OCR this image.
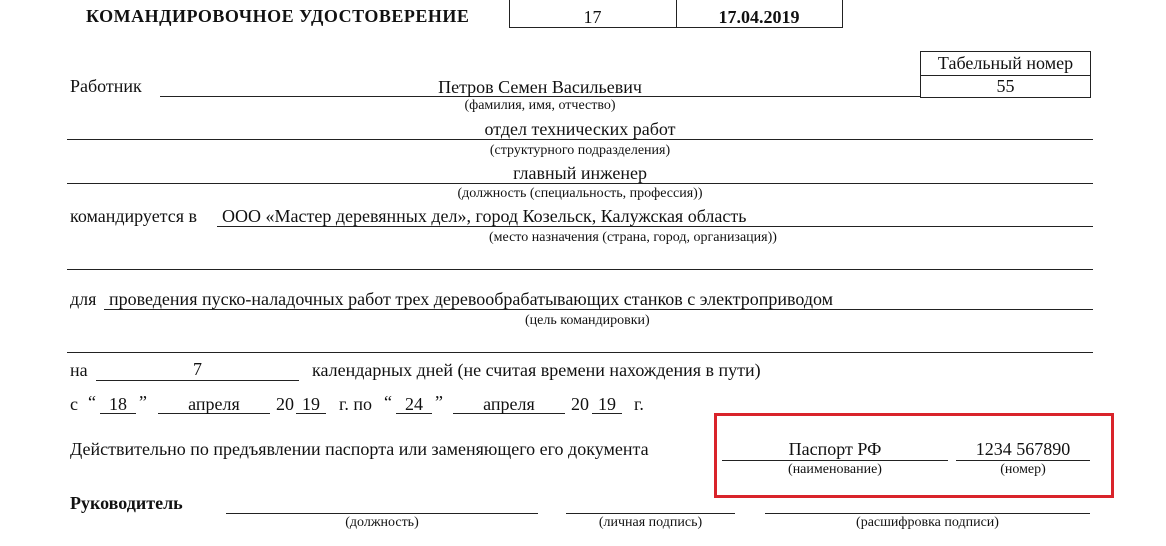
КОМАНДИРОВОЧНОЕ УДОСТОВЕРЕНИЕ	17	17.04.2019
Табельный номер
55
Работник	Петров Семен Васильевич
(фамилия, имя, отчество)
отдел технических работ
(структурного подразделения)
главный инженер
(должность (специальность, профессия))
командируется в ООО «Мастер деревянных дел», город Козельск, Калужская область
(место назначения (страна, город, организация))
для проведения пуско-наладочных работ трех деревообрабатывающих станков с электроприводом
(цель командировки)
на	7	календарных дней (не считая времени нахождения в пути)
с “ 18 ”	апреля	20 19	г. по “ 24 ”	апреля	20 19	г.
Действительно по предъявлении паспорта или заменяющего его документа	Паспорт РФ
(наименование)
1234 567890
(номер)
Руководитель
(должность)	(личная подпись)	(расшифровка подписи)
